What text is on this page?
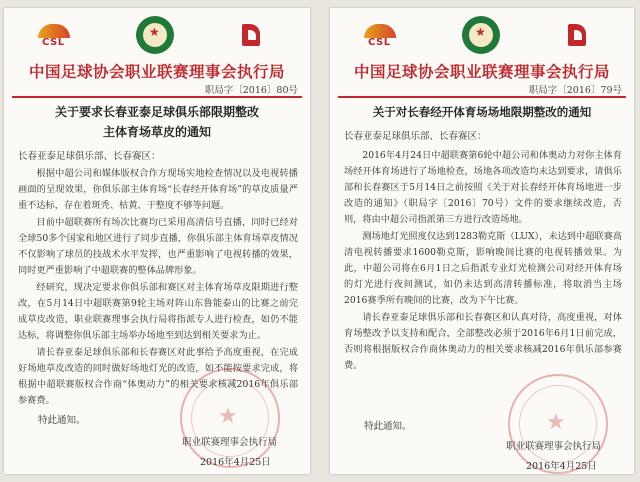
CSL
★
中国足球协会职业联赛理事会执行局
职局字〔2016〕80号
关于要求长春亚泰足球俱乐部限期整改
主体育场草皮的通知
长春亚泰足球俱乐部、长春赛区：

根据中超公司和媒体版权合作方现场实地检查情况以及电视转播画面的呈现效果，你俱乐部主体育场“长春经开体育场”的草皮质量严重不达标，存在着斑秃、枯黄、干整度不够等问题。

目前中超联赛所有场次比赛均已采用高清信号直播，同时已经对全球50多个国家和地区进行了同步直播，你俱乐部主体育场草皮情况不仅影响了球员的技战术水平发挥，也严重影响了电视转播的效果，同时更严重影响了中超联赛的整体品牌形象。

经研究，现决定要求你俱乐部和赛区对主体育场草皮限期进行整改，在5月14日中超联赛第9轮主场对阵山东鲁能泰山的比赛之前完成草皮改造，职业联赛理事会执行局将指派专人进行检查，如仍不能达标，将调整你俱乐部主场举办场地至到达到相关要求为止。

请长春亚泰足球俱乐部和长春赛区对此事给予高度重视，在完成好场地草皮改造的同时做好场地灯光的改造，如不能按要求完成，将根据中超联赛版权合作商“体奥动力”的相关要求核减2016年俱乐部参赛费。

特此通知。	★
职业联赛理事会执行局
2016年4月25日
CSL
★
中国足球协会职业联赛理事会执行局
职局字〔2016〕79号
关于对长春经开体育场场地限期整改的通知
长春亚泰足球俱乐部、长春赛区：

2016年4月24日中超联赛第6轮中超公司和体奥动力对你主体育场经开体育场进行了场地检查，场地各项改造均未达到要求，请俱乐部和长春赛区于5月14日之前按照《关于对长春经开体育场地进一步改造的通知》（职局字〔2016〕70号）文件的要求继续改造，否则，将由中超公司指派第三方进行改造场地。

测场地灯光照度仅达到1283勒克斯（LUX），未达到中超联赛高清电视转播要求1600勒克斯，影响晚间比赛的电视转播效果。为此，中超公司将在6月1日之后指派专业灯光检测公司对经开体育场的灯光进行夜间测试，如仍未达到高清转播标准，将取消当主场2016赛季所有晚间的比赛，改为下午比赛。

请长春亚泰足球俱乐部和长春赛区和认真对待，高度重视，对体育场整改予以支持和配合，全部整改必须于2016年6月1日前完成，否则将根据版权合作商体奥动力的相关要求核减2016年俱乐部参赛费。

特此通知。	★
职业联赛理事会执行局
2016年4月25日
